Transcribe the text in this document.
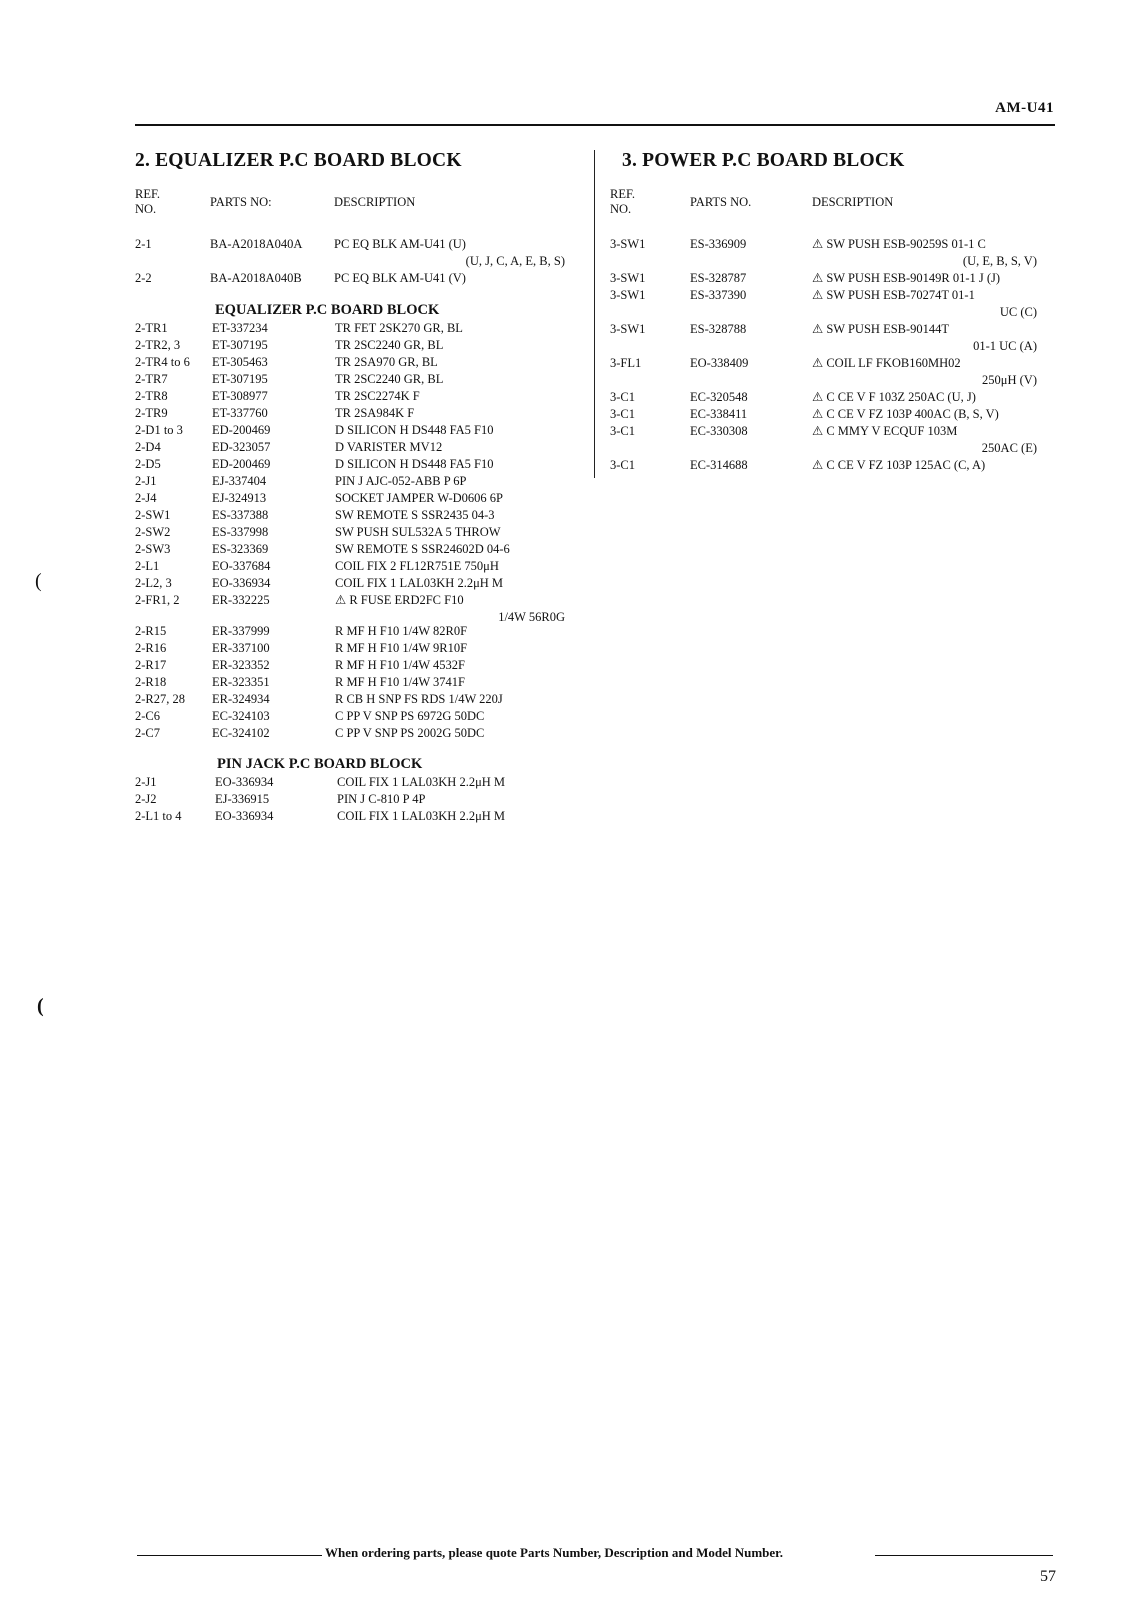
AM-U41
2. EQUALIZER P.C BOARD BLOCK	3. POWER P.C BOARD BLOCK
REF.
NO.	PARTS NO:	DESCRIPTION
REF.
NO.	PARTS NO.	DESCRIPTION
2-1	BA-A2018A040A	PC EQ BLK AM-U41 (U)
(U, J, C, A, E, B, S)
2-2	BA-A2018A040B	PC EQ BLK AM-U41 (V)
EQUALIZER P.C BOARD BLOCK
2-TR1	ET-337234	TR FET 2SK270 GR, BL
2-TR2, 3	ET-307195	TR 2SC2240 GR, BL
2-TR4 to 6 ET-305463	TR 2SA970 GR, BL
2-TR7	ET-307195	TR 2SC2240 GR, BL
2-TR8	ET-308977	TR 2SC2274K F
2-TR9	ET-337760	TR 2SA984K F
2-D1 to 3 ED-200469	D SILICON H DS448 FA5 F10
2-D4	ED-323057	D VARISTER MV12
2-D5	ED-200469	D SILICON H DS448 FA5 F10
2-J1	EJ-337404	PIN J AJC-052-ABB P 6P
2-J4	EJ-324913	SOCKET JAMPER W-D0606 6P
2-SW1	ES-337388	SW REMOTE S SSR2435 04-3
2-SW2	ES-337998	SW PUSH SUL532A 5 THROW
2-SW3	ES-323369	SW REMOTE S SSR24602D 04-6
2-L1	EO-337684	COIL FIX 2 FL12R751E 750μH
2-L2, 3	EO-336934	COIL FIX 1 LAL03KH 2.2μH M
2-FR1, 2	ER-332225	⚠ R FUSE ERD2FC F10
1/4W 56R0G
2-R15	ER-337999	R MF H F10 1/4W 82R0F
2-R16	ER-337100	R MF H F10 1/4W 9R10F
2-R17	ER-323352	R MF H F10 1/4W 4532F
2-R18	ER-323351	R MF H F10 1/4W 3741F
2-R27, 28 ER-324934	R CB H SNP FS RDS 1/4W 220J
2-C6	EC-324103	C PP V SNP PS 6972G 50DC
2-C7	EC-324102	C PP V SNP PS 2002G 50DC
PIN JACK P.C BOARD BLOCK
2-J1	EO-336934	COIL FIX 1 LAL03KH 2.2μH M
2-J2	EJ-336915	PIN J C-810 P 4P
2-L1 to 4	EO-336934	COIL FIX 1 LAL03KH 2.2μH M
3-SW1	ES-336909	⚠ SW PUSH ESB-90259S 01-1 C
(U, E, B, S, V)
3-SW1	ES-328787	⚠ SW PUSH ESB-90149R 01-1 J (J)
3-SW1	ES-337390	⚠ SW PUSH ESB-70274T 01-1
UC (C)
3-SW1	ES-328788	⚠ SW PUSH ESB-90144T
01-1 UC (A)
3-FL1	EO-338409	⚠ COIL LF FKOB160MH02
250μH (V)
3-C1	EC-320548	⚠ C CE V F 103Z 250AC (U, J)
3-C1	EC-338411	⚠ C CE V FZ 103P 400AC (B, S, V)
3-C1	EC-330308	⚠ C MMY V ECQUF 103M
250AC (E)
3-C1	EC-314688	⚠ C CE V FZ 103P 125AC (C, A)
(
(
When ordering parts, please quote Parts Number, Description and Model Number.
57
